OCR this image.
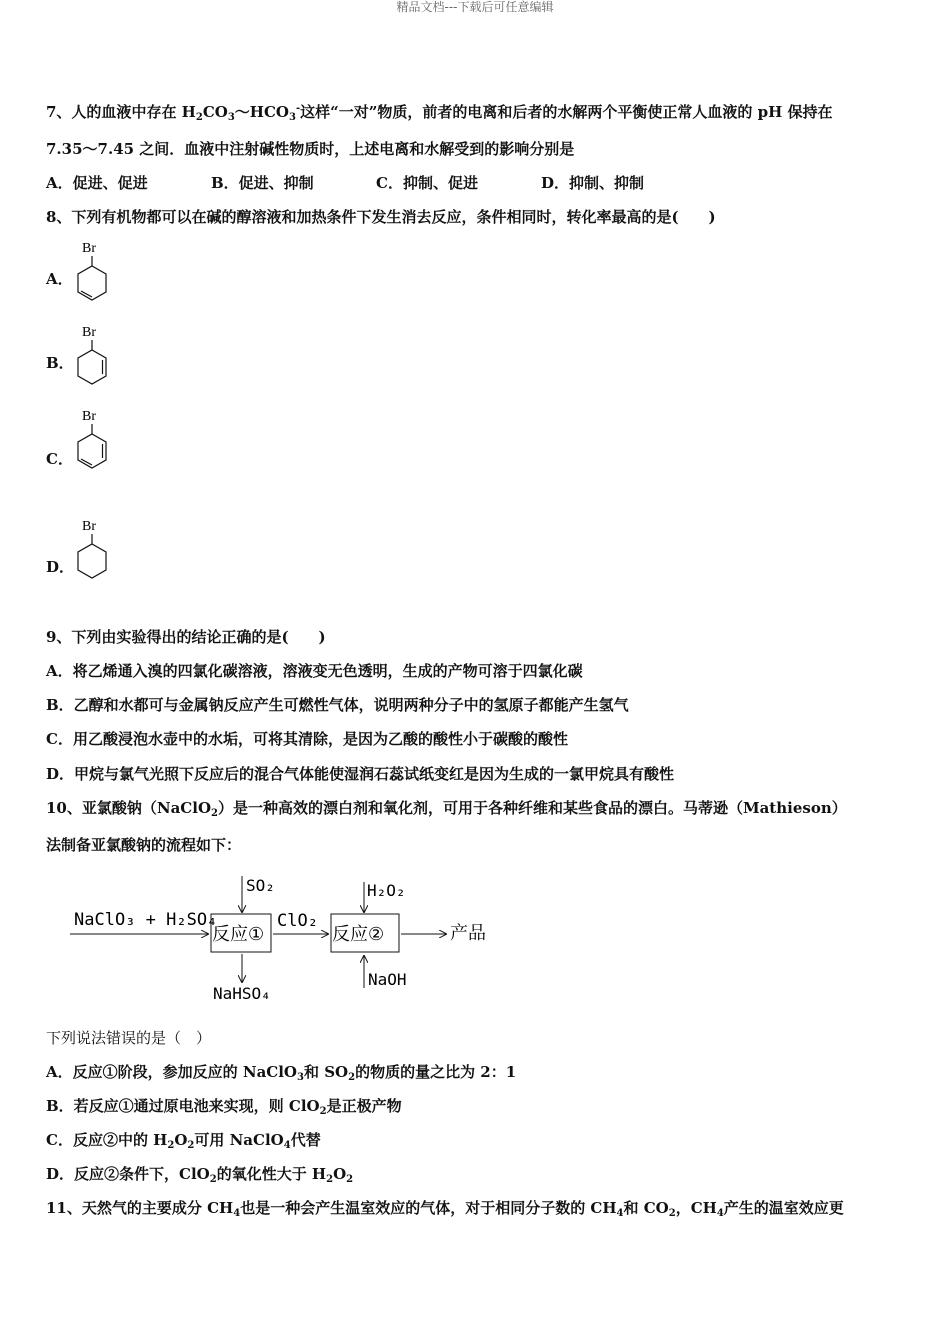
精品文档---下载后可任意编辑
7、人的血液中存在 $H_2CO_3\sim HCO_3^-$这样“一对”物质，前者的电离和后者的水解两个平衡使正常人血液的 pH 保持在
7.35～7.45 之间．血液中注射碱性物质时，上述电离和水解受到的影响分别是
A．促进、促进	B．促进、抑制	C．抑制、促进	D．抑制、抑制
8、下列有机物都可以在碱的醇溶液和加热条件下发生消去反应，条件相同时，转化率最高的是(　　)
A．
Br
B．
Br
C．
Br
D．
Br
9、下列由实验得出的结论正确的是(　　)
A．将乙烯通入溴的四氯化碳溶液，溶液变无色透明，生成的产物可溶于四氯化碳
B．乙醇和水都可与金属钠反应产生可燃性气体，说明两种分子中的氢原子都能产生氢气
C．用乙酸浸泡水壶中的水垢，可将其清除，是因为乙酸的酸性小于碳酸的酸性
D．甲烷与氯气光照下反应后的混合气体能使湿润石蕊试纸变红是因为生成的一氯甲烷具有酸性
10、亚氯酸钠（NaClO$_2$）是一种高效的漂白剂和氧化剂，可用于各种纤维和某些食品的漂白。马蒂逊（Mathieson）
法制备亚氯酸钠的流程如下：
NaClO₃ + H₂SO₄
反应①
SO₂
NaHSO₄
ClO₂
反应②
H₂O₂
NaOH
产品
下列说法错误的是（　）
A．反应①阶段，参加反应的 NaClO$_3$和 $SO_2$的物质的量之比为 2：1
B．若反应①通过原电池来实现，则 ClO$_2$是正极产物
C．反应②中的 $H_2O_2$可用 NaClO$_4$代替
D．反应②条件下，ClO$_2$的氧化性大于 $H_2O_2$
11、天然气的主要成分 $CH_4$也是一种会产生温室效应的气体，对于相同分子数的 $CH_4$和 $CO_2$，$CH_4$产生的温室效应更
